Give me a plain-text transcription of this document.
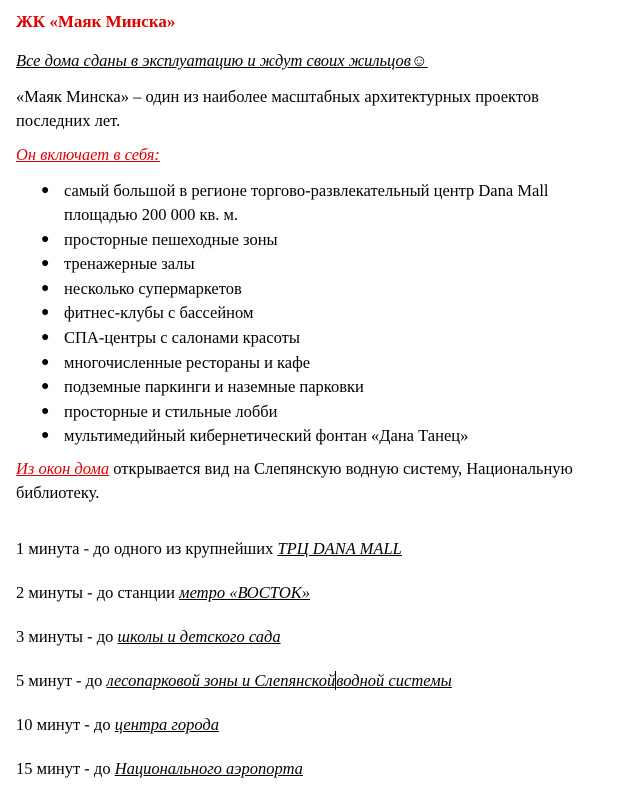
ЖК «Маяк Минска»
Все дома сданы в эксплуатацию и ждут своих жильцов☺
«Маяк Минска» – один из наиболее масштабных архитектурных проектов последних лет.
Он включает в себя:
● самый большой в регионе торгово-развлекательный центр Dana Mall площадью 200 000 кв. м.
● просторные пешеходные зоны
● тренажерные залы
● несколько супермаркетов
● фитнес-клубы с бассейном
● СПА-центры с салонами красоты
● многочисленные рестораны и кафе
● подземные паркинги и наземные парковки
● просторные и стильные лобби
● мультимедийный кибернетический фонтан «Дана Танец»
Из окон дома открывается вид на Слепянскую водную систему, Национальную библиотеку.
1 минута - до одного из крупнейших ТРЦ DANA MALL
2 минуты - до станции метро «ВОСТОК»
3 минуты - до школы и детского сада
5 минут - до лесопарковой зоны и Слепянскойводной системы
10 минут - до центра города
15 минут - до Национального аэропорта
